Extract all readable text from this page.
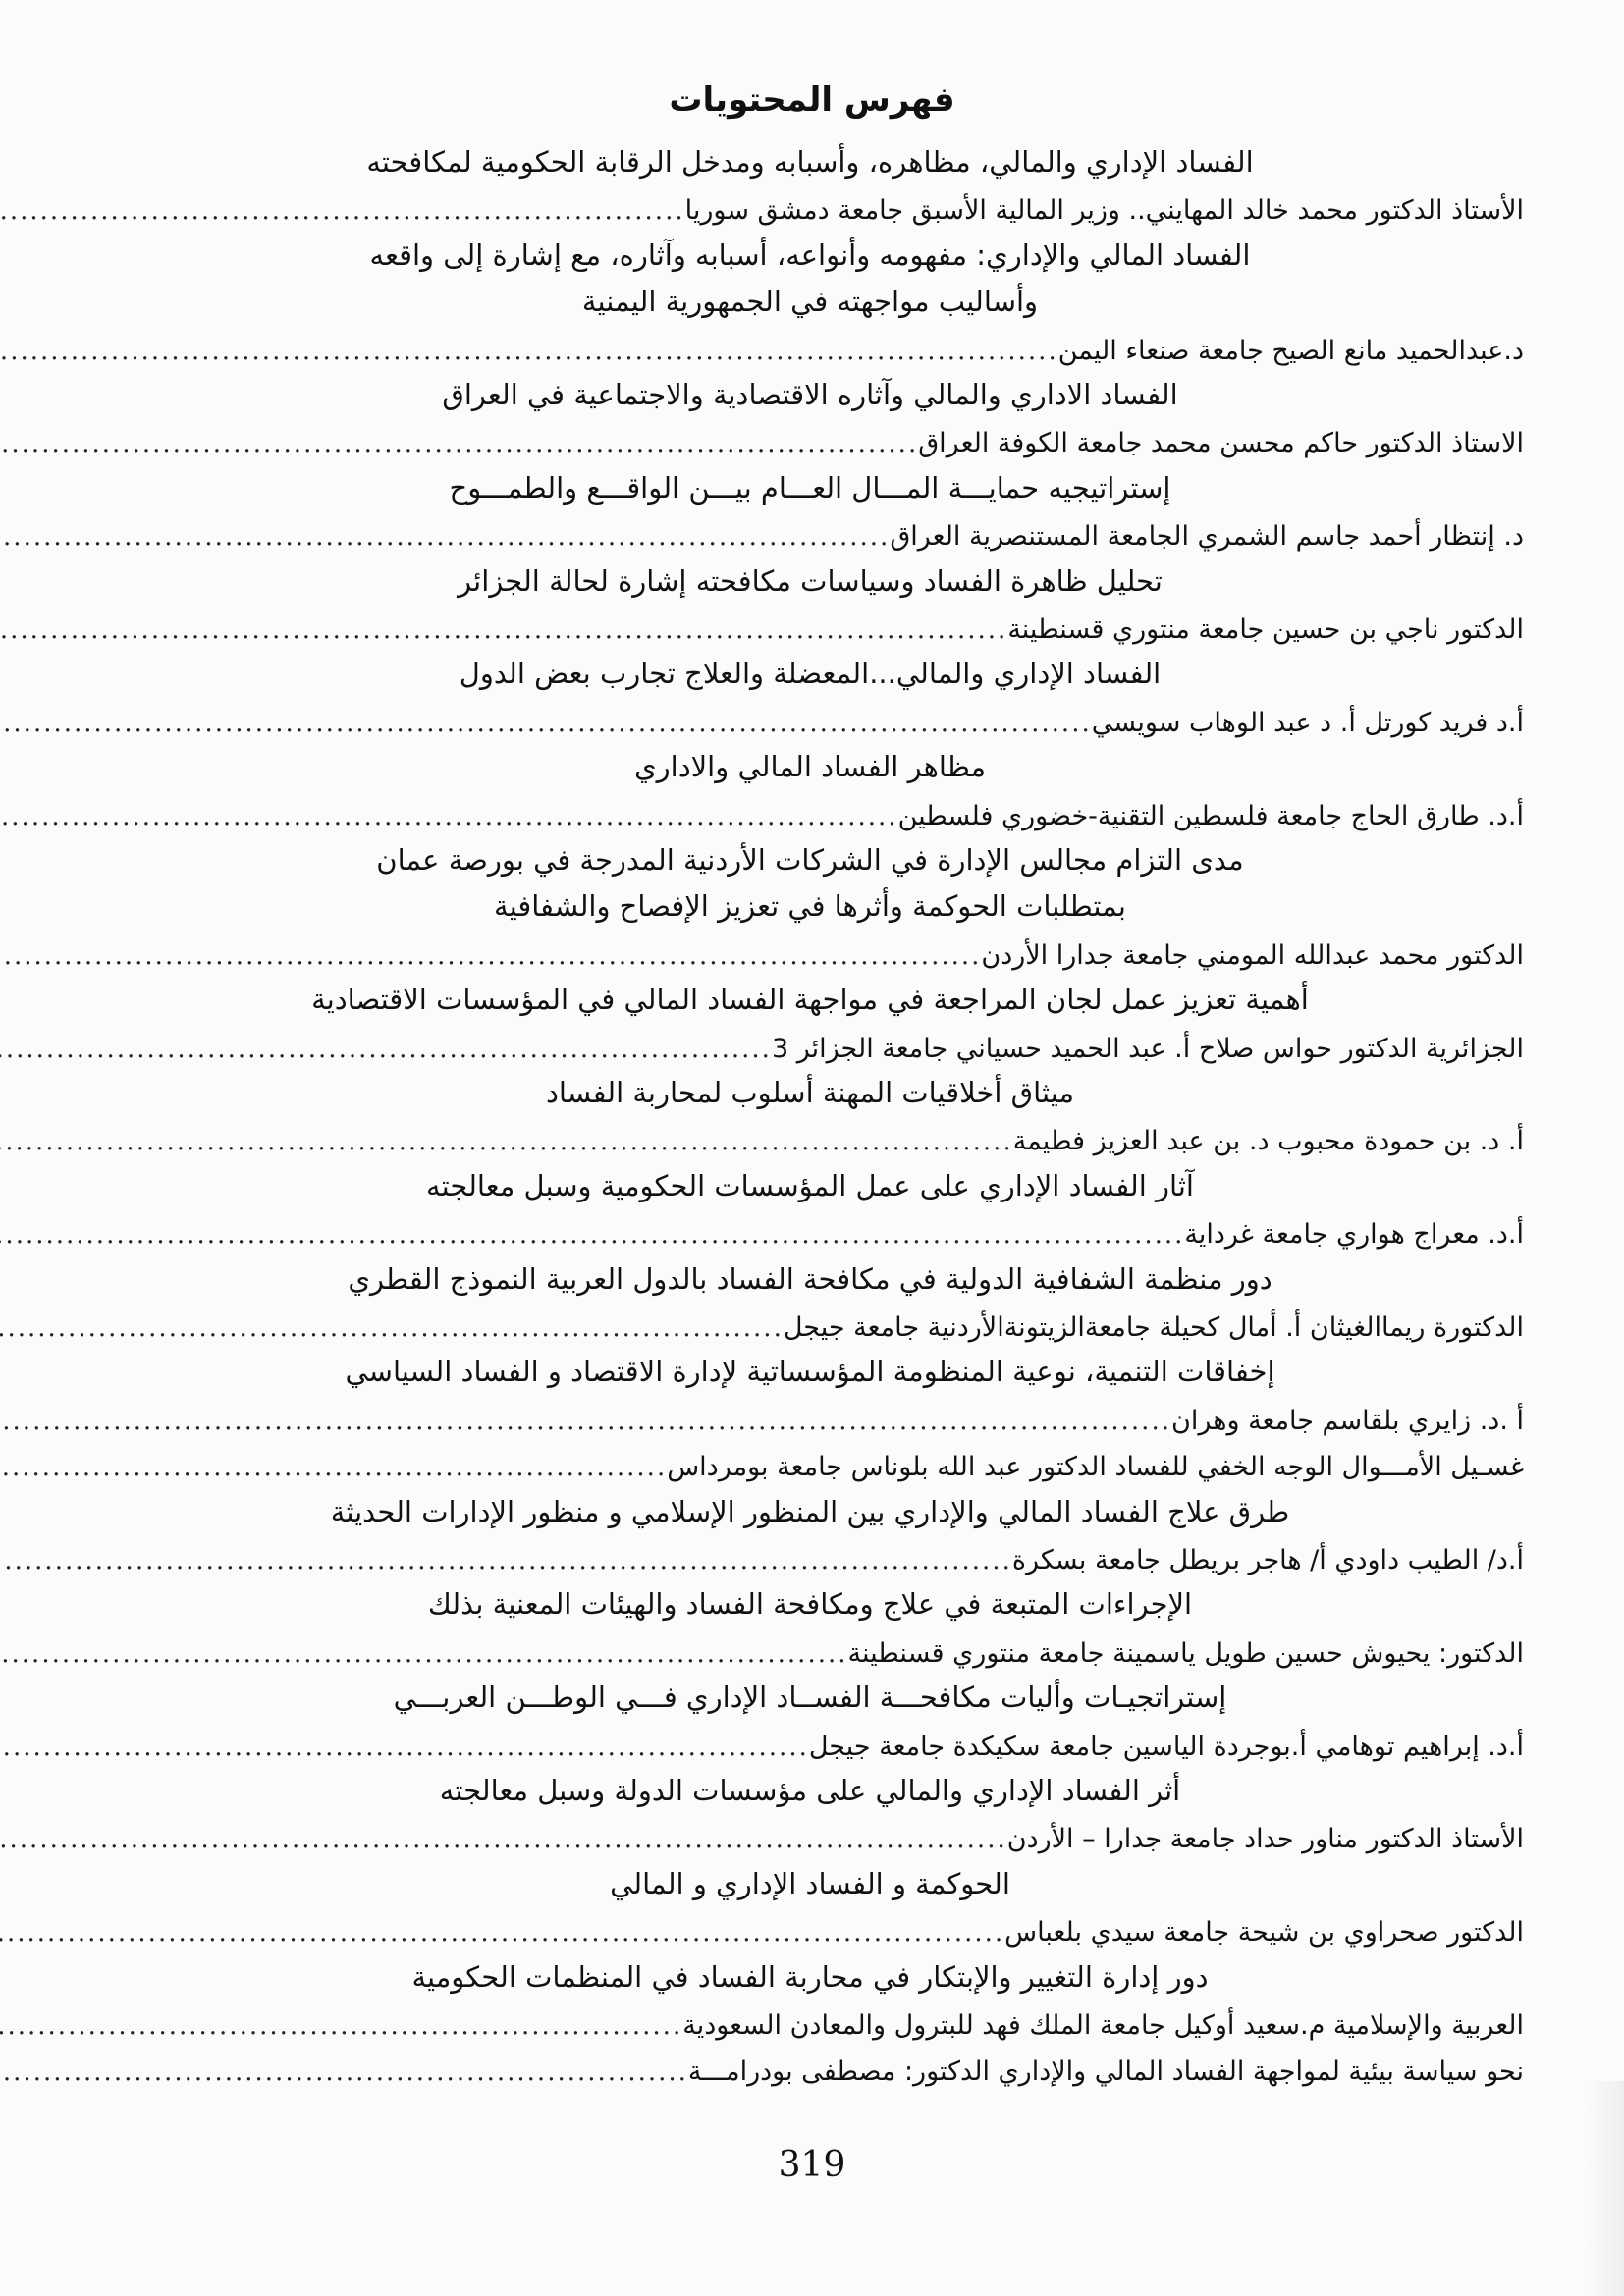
فهرس المحتويات
الفساد الإداري والمالي، مظاهره، وأسبابه ومدخل الرقابة الحكومية لمكافحته
الأستاذ الدكتور محمد خالد المهايني.. وزير المالية الأسبق جامعة دمشق سوريا
.....
الفساد المالي والإداري: مفهومه وأنواعه، أسبابه وآثاره، مع إشارة إلى واقعه
وأساليب مواجهته في الجمهورية اليمنية
د.عبدالحميد مانع الصيح جامعة صنعاء اليمن
.....
الفساد الاداري والمالي وآثاره الاقتصادية والاجتماعية في العراق
الاستاذ الدكتور حاكم محسن محمد جامعة الكوفة العراق
.....
إستراتيجيه حمايـــة المـــال العـــام بيـــن الواقـــع والطمـــوح
د. إنتظار أحمد جاسم الشمري الجامعة المستنصرية العراق
.....
تحليل ظاهرة الفساد وسياسات مكافحته إشارة لحالة الجزائر
الدكتور ناجي بن حسين جامعة منتوري قسنطينة
.....
الفساد الإداري والمالي...المعضلة والعلاج تجارب بعض الدول
أ.د فريد كورتل أ. د عبد الوهاب سويسي
.....
مظاهر الفساد المالي والاداري
أ.د. طارق الحاج جامعة فلسطين التقنية-خضوري فلسطين
.....
مدى التزام مجالس الإدارة في الشركات الأردنية المدرجة في بورصة عمان
بمتطلبات الحوكمة وأثرها في تعزيز الإفصاح والشفافية
الدكتور محمد عبدالله المومني جامعة جدارا الأردن
.....
أهمية تعزيز عمل لجان المراجعة في مواجهة الفساد المالي في المؤسسات الاقتصادية
الجزائرية الدكتور حواس صلاح أ. عبد الحميد حسياني جامعة الجزائر 3
.....
ميثاق أخلاقيات المهنة أسلوب لمحاربة الفساد
أ. د. بن حمودة محبوب د. بن عبد العزيز فطيمة
.....
آثار الفساد الإداري على عمل المؤسسات الحكومية وسبل معالجته
أ.د. معراج هواري جامعة غرداية
.....
دور منظمة الشفافية الدولية في مكافحة الفساد بالدول العربية النموذج القطري
الدكتورة ريماالغيثان أ. أمال كحيلة جامعةالزيتونةالأردنية جامعة جيجل
.....
إخفاقات التنمية، نوعية المنظومة المؤسساتية لإدارة الاقتصاد و الفساد السياسي
أ .د. زايري بلقاسم جامعة وهران
.....
غسـيل الأمـــوال الوجه الخفي للفساد الدكتور عبد الله بلوناس جامعة بومرداس
.....
طرق علاج الفساد المالي والإداري بين المنظور الإسلامي و منظور الإدارات الحديثة
أ.د/ الطيب داودي أ/ هاجر بريطل جامعة بسكرة
.....
الإجراءات المتبعة في علاج ومكافحة الفساد والهيئات المعنية بذلك
الدكتور: يحيوش حسين طويل ياسمينة جامعة منتوري قسنطينة
.....
إستراتجيـات وأليات مكافحـــة الفســاد الإداري فـــي الوطـــن العربـــي
أ.د. إبراهيم توهامي أ.بوجردة الياسين جامعة سكيكدة جامعة جيجل
.....
أثر الفساد الإداري والمالي على مؤسسات الدولة وسبل معالجته
الأستاذ الدكتور مناور حداد جامعة جدارا – الأردن
.....
الحوكمة و الفساد الإداري و المالي
الدكتور صحراوي بن شيحة جامعة سيدي بلعباس
.....
دور إدارة التغيير والإبتكار في محاربة الفساد في المنظمات الحكومية
العربية والإسلامية م.سعيد أوكيل جامعة الملك فهد للبترول والمعادن السعودية
.....
نحو سياسة بيئية لمواجهة الفساد المالي والإداري الدكتور: مصطفى بودرامـــة
.....
319
